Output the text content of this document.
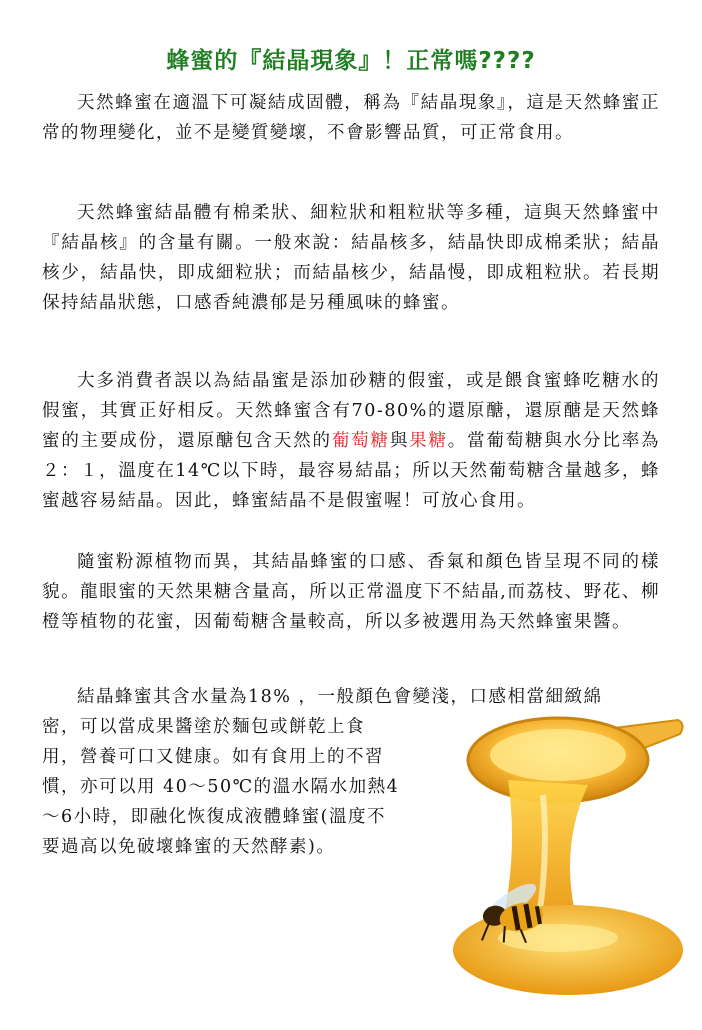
蜂蜜的『結晶現象』！正常嗎????
天然蜂蜜在適溫下可凝結成固體，稱為『結晶現象』，這是天然蜂蜜正常的物理變化，並不是變質變壞，不會影響品質，可正常食用。
天然蜂蜜結晶體有棉柔狀、細粒狀和粗粒狀等多種，這與天然蜂蜜中『結晶核』的含量有關。一般來說：結晶核多，結晶快即成棉柔狀；結晶核少，結晶快，即成細粒狀；而結晶核少，結晶慢，即成粗粒狀。若長期保持結晶狀態，口感香純濃郁是另種風味的蜂蜜。
大多消費者誤以為結晶蜜是添加砂糖的假蜜，或是餵食蜜蜂吃糖水的假蜜，其實正好相反。天然蜂蜜含有70-80%的還原醣，還原醣是天然蜂蜜的主要成份，還原醣包含天然的葡萄糖與果糖。當葡萄糖與水分比率為２：１，溫度在14℃以下時，最容易結晶；所以天然葡萄糖含量越多，蜂蜜越容易結晶。因此，蜂蜜結晶不是假蜜喔！可放心食用。
隨蜜粉源植物而異，其結晶蜂蜜的口感、香氣和顏色皆呈現不同的樣貌。龍眼蜜的天然果糖含量高，所以正常溫度下不結晶,而荔枝、野花、柳橙等植物的花蜜，因葡萄糖含量較高，所以多被選用為天然蜂蜜果醬。
結晶蜂蜜其含水量為18% ，一般顏色會變淺，口感相當細緻綿
密，可以當成果醬塗於麵包或餅乾上食
用，營養可口又健康。如有食用上的不習
慣，亦可以用 40～50℃的溫水隔水加熱4
～6小時，即融化恢復成液體蜂蜜(溫度不
要過高以免破壞蜂蜜的天然酵素)。
